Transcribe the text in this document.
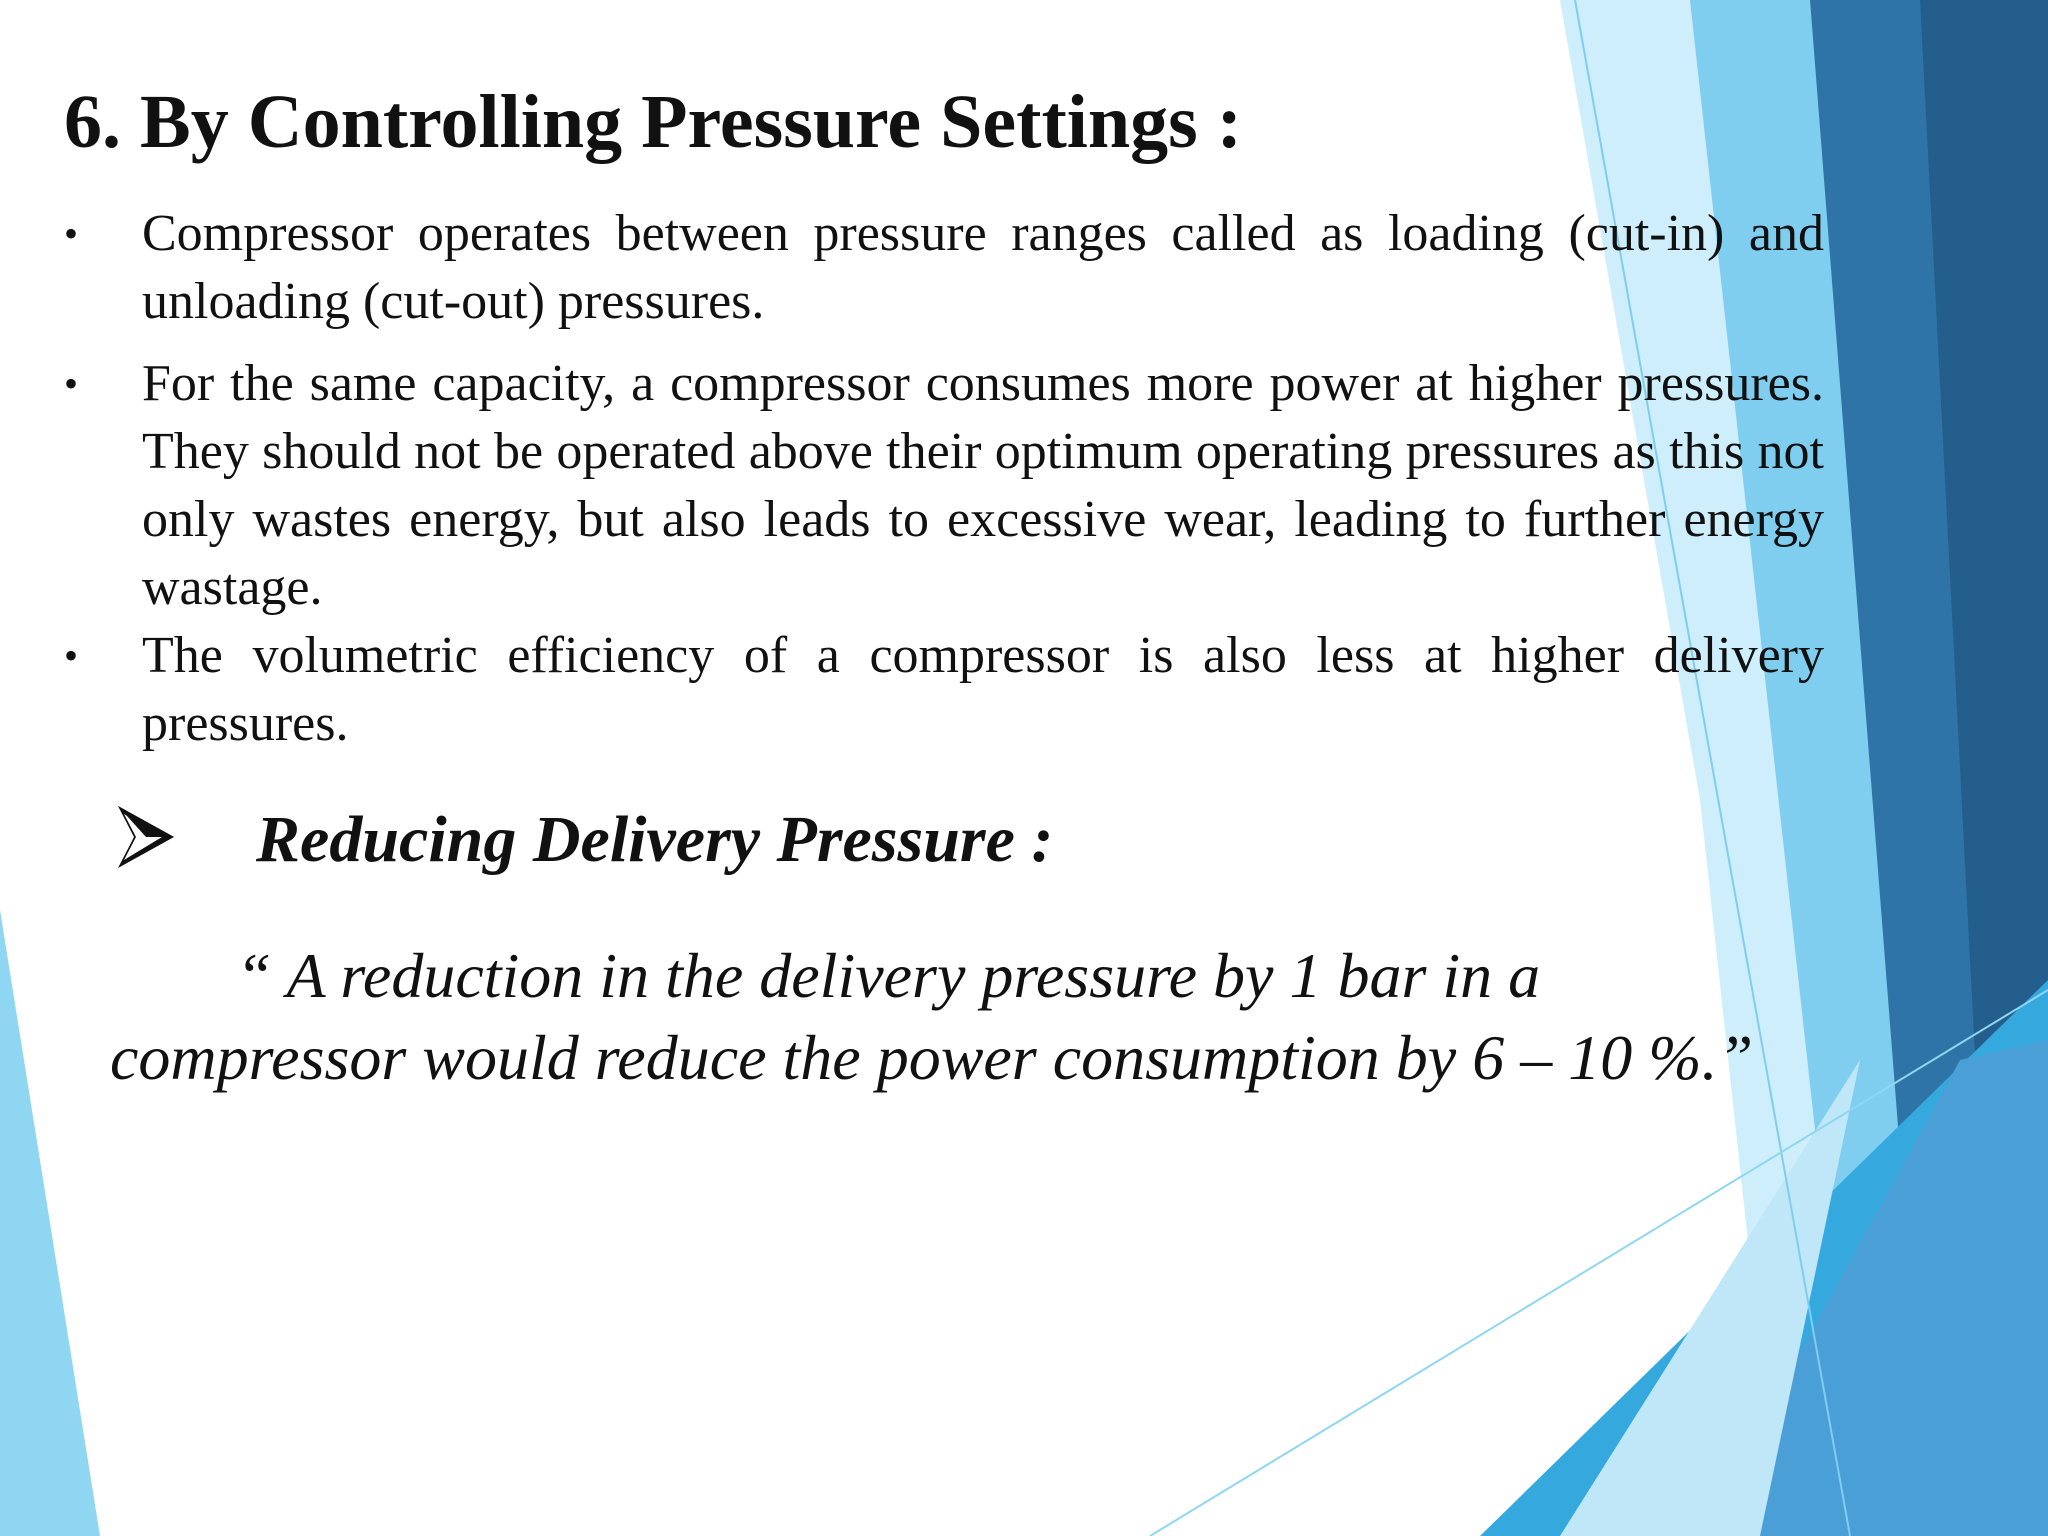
6. By Controlling Pressure Settings :
•	Compressor operates between pressure ranges called as loading (cut-in) and unloading (cut-out) pressures.
•	For the same capacity, a compressor consumes more power at higher pressures. They should not be operated above their optimum operating pressures as this not only wastes energy, but also leads to excessive wear, leading to further energy wastage.
•	The volumetric efficiency of a compressor is also less at higher delivery pressures.
Reducing Delivery Pressure :
“ A reduction in the delivery pressure by 1 bar in a
compressor would reduce the power consumption by 6 – 10 %.”
